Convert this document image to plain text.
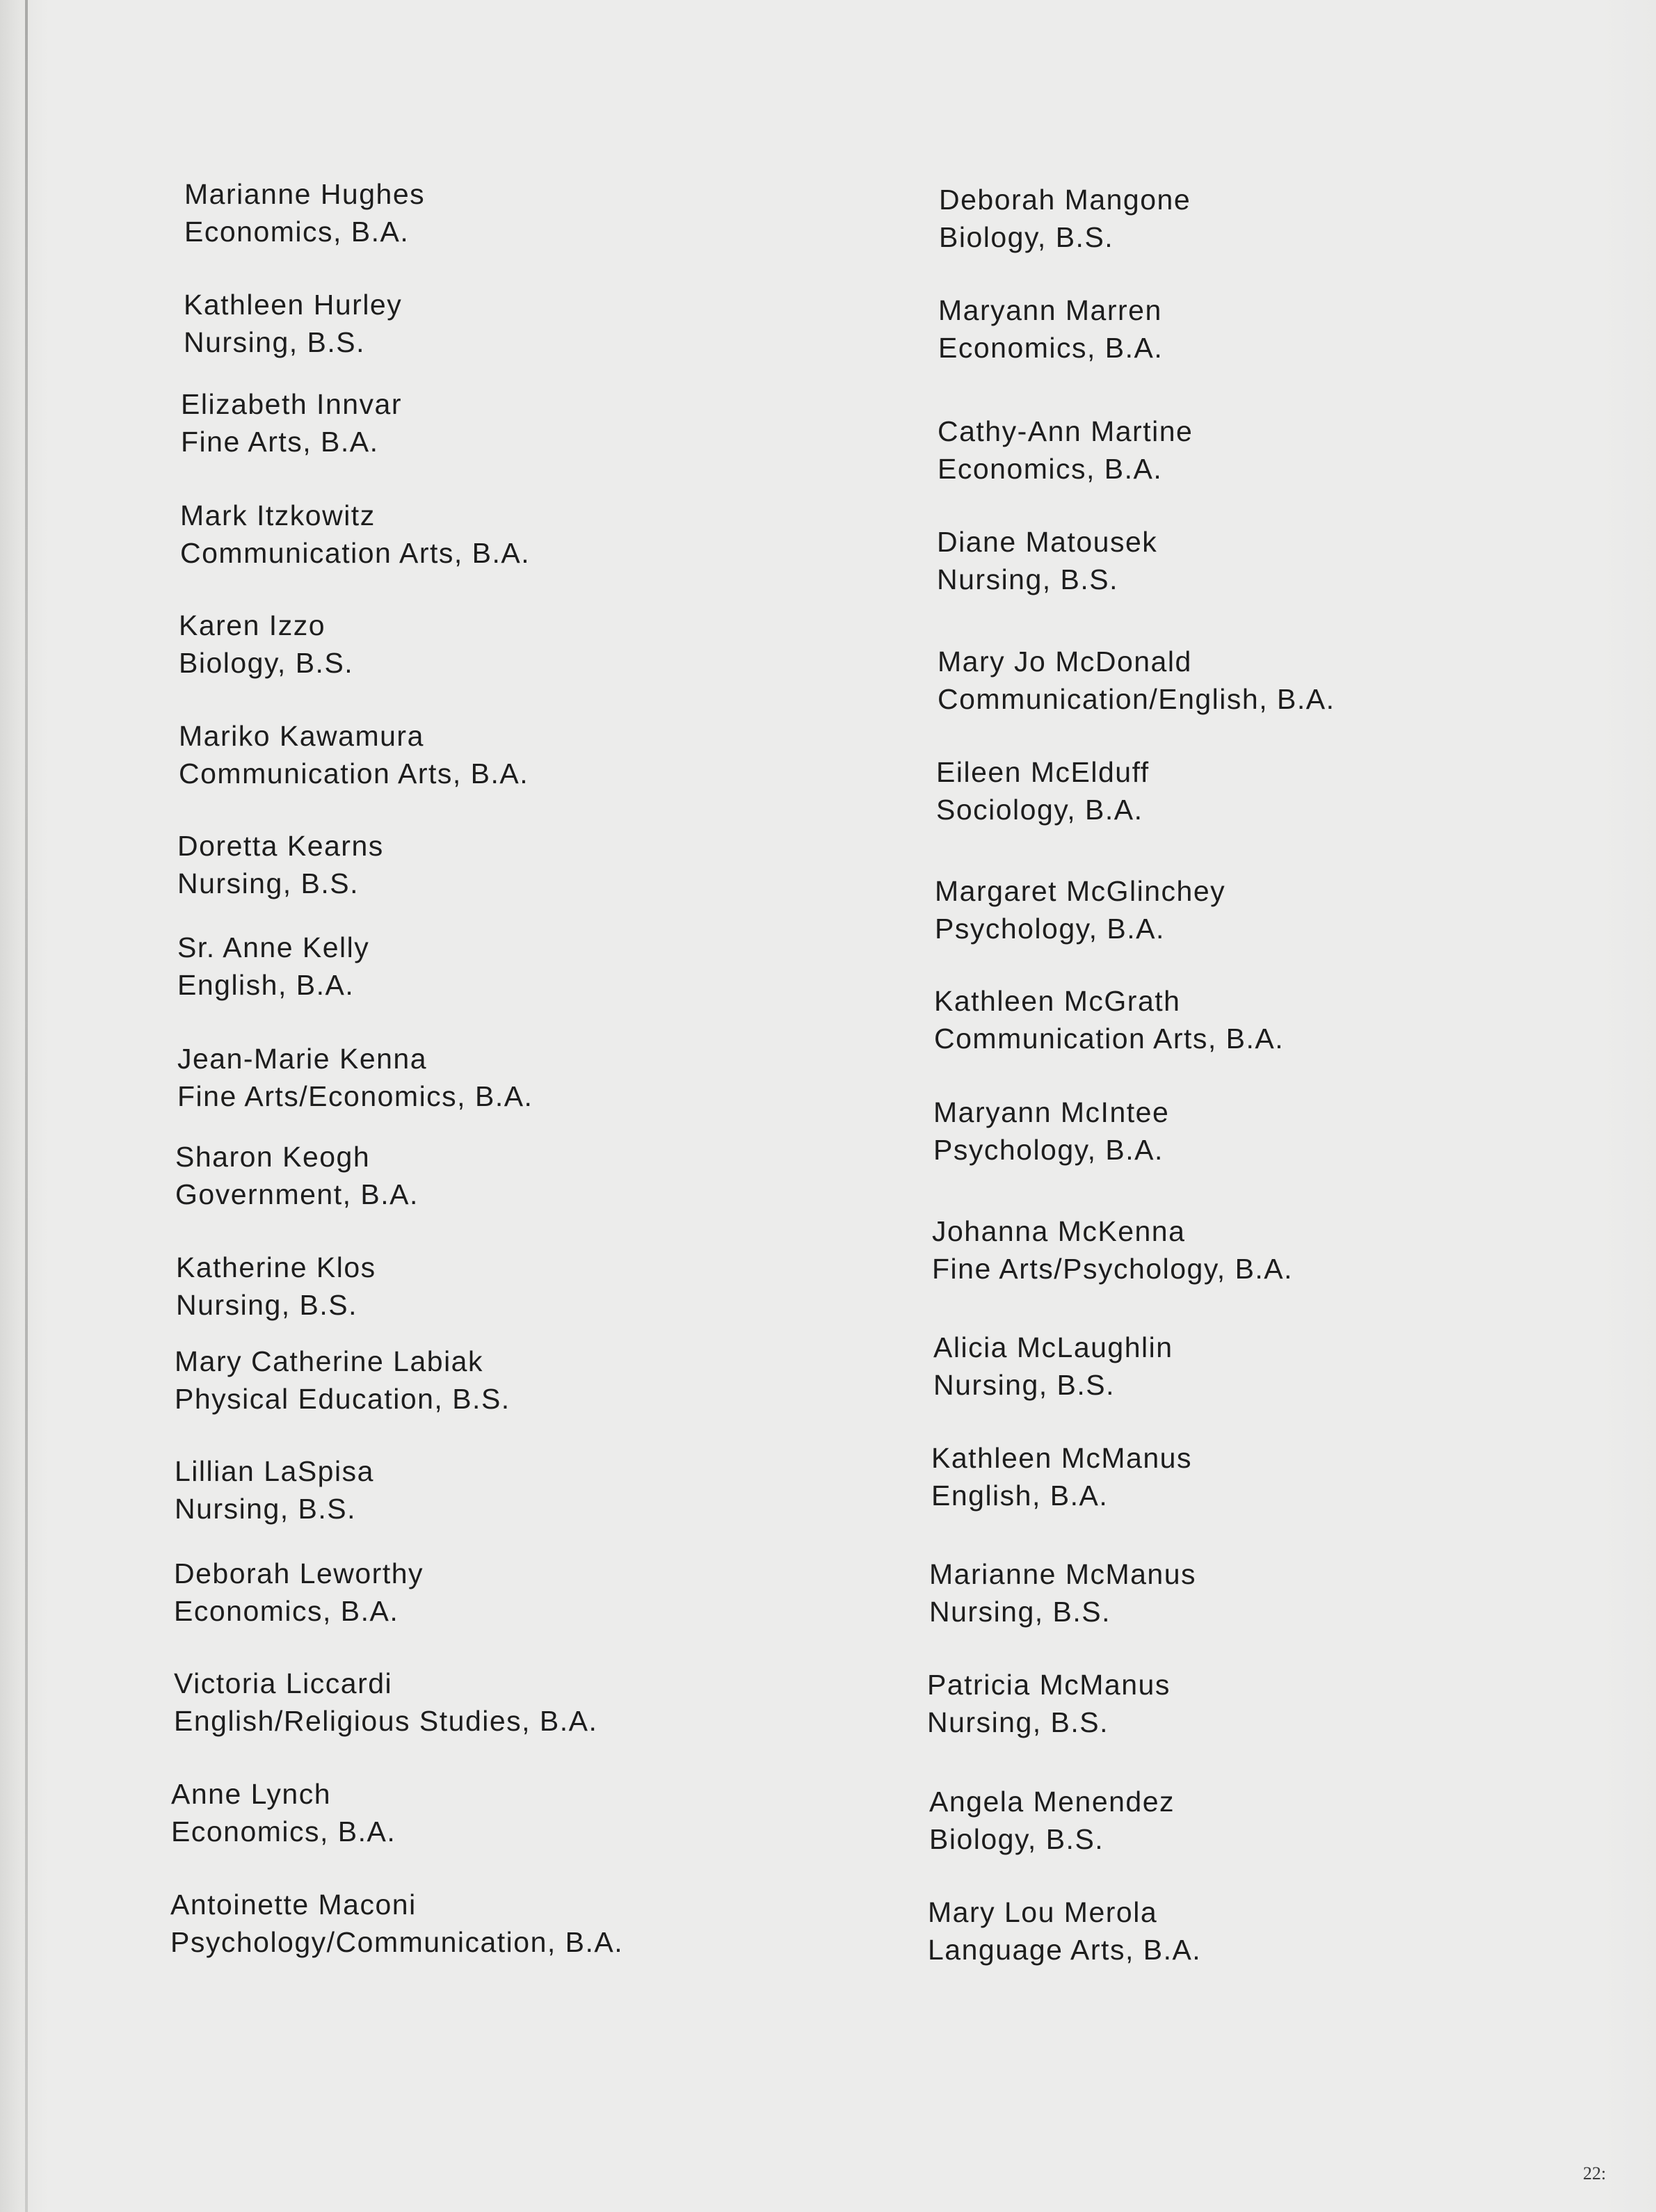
Marianne Hughes
Economics, B.A.
Kathleen Hurley
Nursing, B.S.
Elizabeth Innvar
Fine Arts, B.A.
Mark Itzkowitz
Communication Arts, B.A.
Karen Izzo
Biology, B.S.
Mariko Kawamura
Communication Arts, B.A.
Doretta Kearns
Nursing, B.S.
Sr. Anne Kelly
English, B.A.
Jean-Marie Kenna
Fine Arts/Economics, B.A.
Sharon Keogh
Government, B.A.
Katherine Klos
Nursing, B.S.
Mary Catherine Labiak
Physical Education, B.S.
Lillian LaSpisa
Nursing, B.S.
Deborah Leworthy
Economics, B.A.
Victoria Liccardi
English/Religious Studies, B.A.
Anne Lynch
Economics, B.A.
Antoinette Maconi
Psychology/Communication, B.A.
Deborah Mangone
Biology, B.S.
Maryann Marren
Economics, B.A.
Cathy-Ann Martine
Economics, B.A.
Diane Matousek
Nursing, B.S.
Mary Jo McDonald
Communication/English, B.A.
Eileen McElduff
Sociology, B.A.
Margaret McGlinchey
Psychology, B.A.
Kathleen McGrath
Communication Arts, B.A.
Maryann McIntee
Psychology, B.A.
Johanna McKenna
Fine Arts/Psychology, B.A.
Alicia McLaughlin
Nursing, B.S.
Kathleen McManus
English, B.A.
Marianne McManus
Nursing, B.S.
Patricia McManus
Nursing, B.S.
Angela Menendez
Biology, B.S.
Mary Lou Merola
Language Arts, B.A.
22:
